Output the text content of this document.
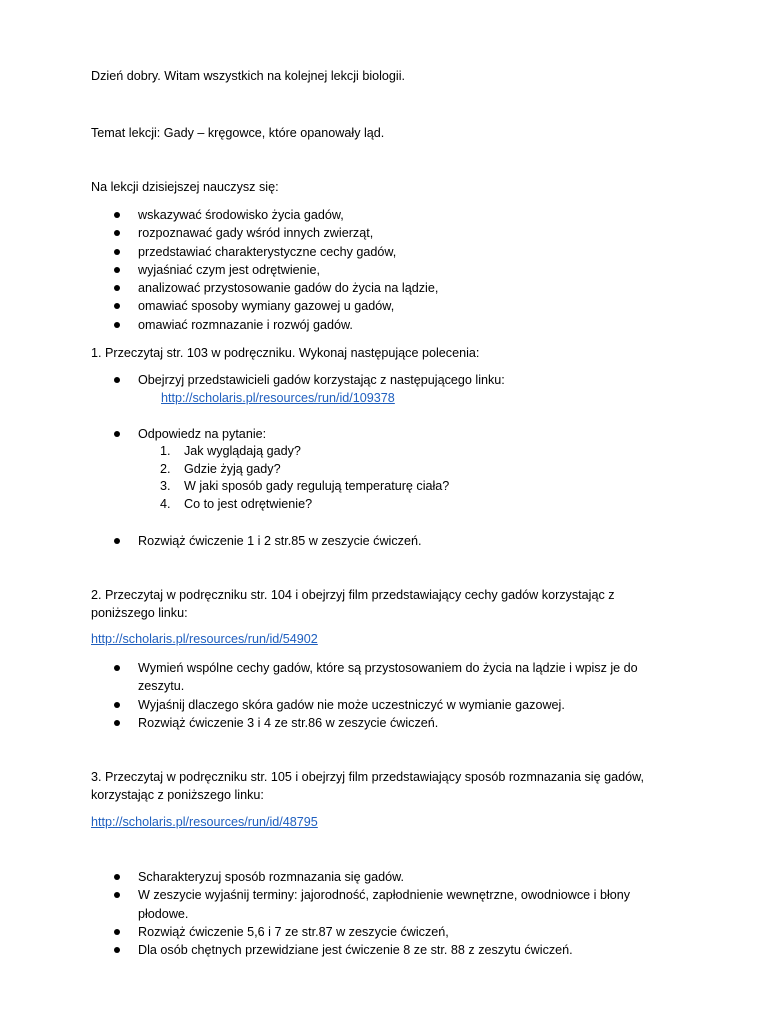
Dzień dobry. Witam wszystkich na kolejnej lekcji biologii.
Temat lekcji: Gady – kręgowce, które opanowały ląd.
Na lekcji dzisiejszej nauczysz się:
wskazywać środowisko życia gadów,
rozpoznawać gady wśród innych zwierząt,
przedstawiać charakterystyczne cechy gadów,
wyjaśniać czym jest odrętwienie,
analizować przystosowanie gadów do życia na lądzie,
omawiać sposoby wymiany gazowej u gadów,
omawiać rozmnazanie i rozwój gadów.
1. Przeczytaj str. 103 w podręczniku. Wykonaj następujące polecenia:
Obejrzyj przedstawicieli gadów korzystając z następującego linku:
http://scholaris.pl/resources/run/id/109378
Odpowiedz na pytanie:
1. Jak wyglądają gady?
2. Gdzie żyją gady?
3. W jaki sposób gady regulują temperaturę ciała?
4. Co to jest odrętwienie?
Rozwiąż ćwiczenie 1 i 2 str.85 w zeszycie ćwiczeń.
2. Przeczytaj w podręczniku str. 104 i obejrzyj film przedstawiający cechy gadów korzystając z poniższego linku:
http://scholaris.pl/resources/run/id/54902
Wymień wspólne cechy gadów, które są przystosowaniem do życia na lądzie i wpisz je do zeszytu.
Wyjaśnij dlaczego skóra gadów nie może uczestniczyć w wymianie gazowej.
Rozwiąż ćwiczenie 3 i 4 ze str.86 w zeszycie ćwiczeń.
3. Przeczytaj w podręczniku str. 105 i obejrzyj film przedstawiający sposób rozmnazania się gadów, korzystając z poniższego linku:
http://scholaris.pl/resources/run/id/48795
Scharakteryzuj sposób rozmnazania się gadów.
W zeszycie wyjaśnij terminy: jajorodność, zapłodnienie wewnętrzne, owodniowce i błony płodowe.
Rozwiąż ćwiczenie 5,6 i 7 ze str.87 w zeszycie ćwiczeń,
Dla osób chętnych przewidziane jest ćwiczenie 8 ze str. 88 z zeszytu ćwiczeń.
